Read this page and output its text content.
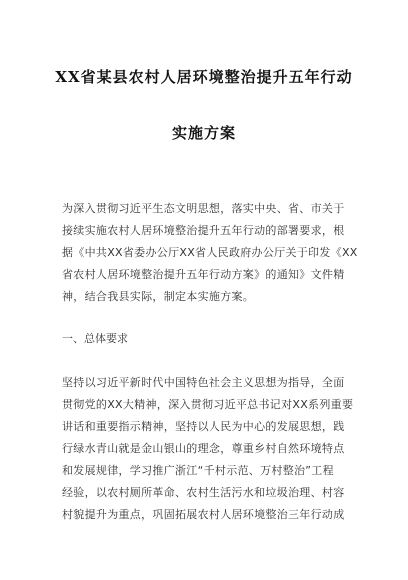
XX省某县农村人居环境整治提升五年行动
实施方案
为深入贯彻习近平生态文明思想，落实中央、省、市关于
接续实施农村人居环境整治提升五年行动的部署要求，根
据《中共XX省委办公厅XX省人民政府办公厅关于印发《XX
省农村人居环境整治提升五年行动方案》的通知》文件精
神，结合我县实际，制定本实施方案。
一、总体要求
坚持以习近平新时代中国特色社会主义思想为指导，全面
贯彻党的XX大精神，深入贯彻习近平总书记对XX系列重要
讲话和重要指示精神，坚持以人民为中心的发展思想，践
行绿水青山就是金山银山的理念，尊重乡村自然环境特点
和发展规律，学习推广浙江“千村示范、万村整治”工程
经验，以农村厕所革命、农村生活污水和垃圾治理、村容
村貌提升为重点，巩固拓展农村人居环境整治三年行动成
